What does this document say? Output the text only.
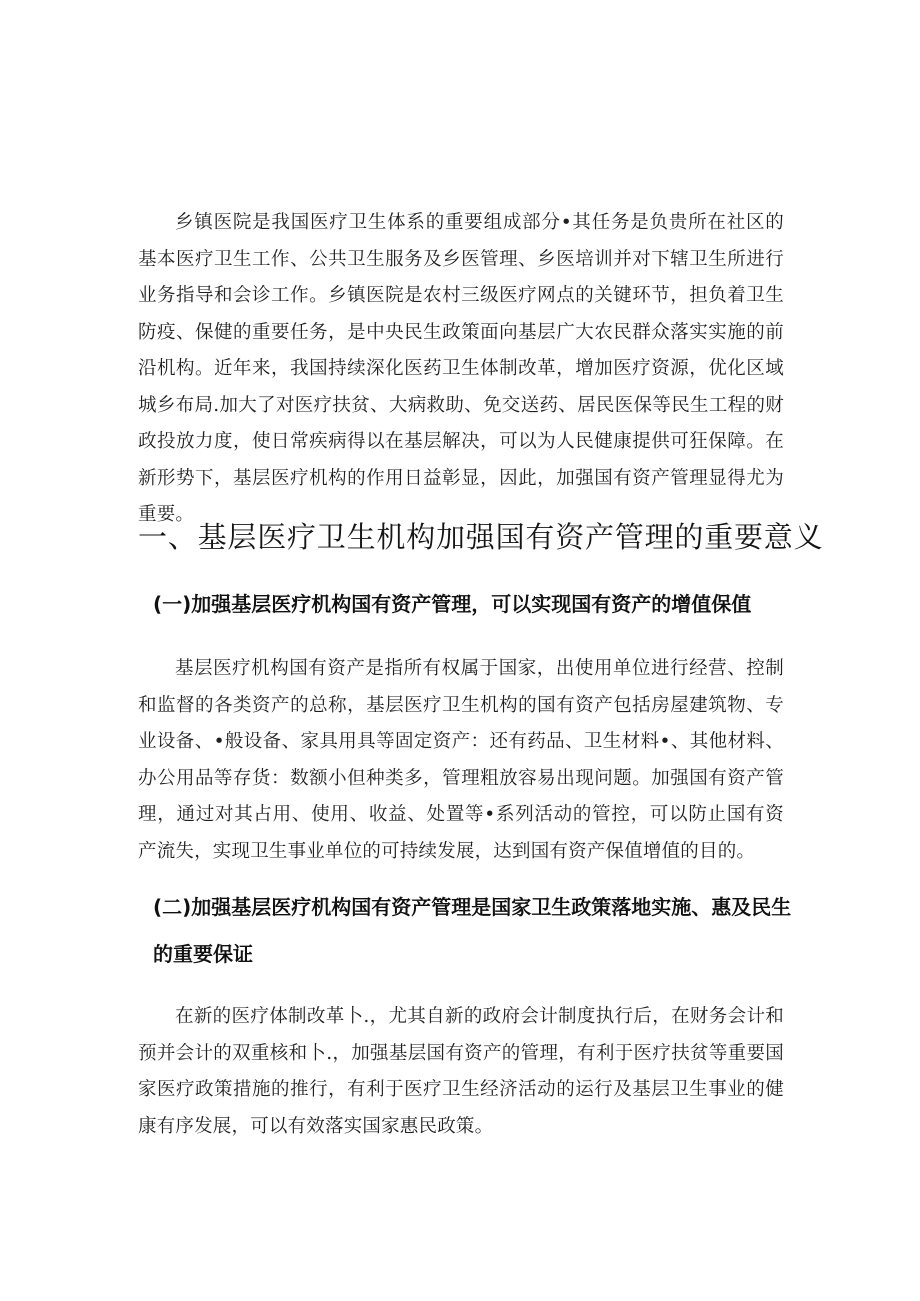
乡镇医院是我国医疗卫生体系的重要组成部分•其任务是负贵所在社区的基本医疗卫生工作、公共卫生服务及乡医管理、乡医培训并对下辖卫生所进行业务指导和会诊工作。乡镇医院是农村三级医疗网点的关键环节，担负着卫生防疫、保健的重要任务，是中央民生政策面向基层广大农民群众落实实施的前沿机构。近年来，我国持续深化医药卫生体制改革，增加医疗资源，优化区域城乡布局.加大了对医疗扶贫、大病救助、免交送药、居民医保等民生工程的财政投放力度，使日常疾病得以在基层解决，可以为人民健康提供可狂保障。在新形势下，基层医疗机构的作用日益彰显，因此，加强国有资产管理显得尤为重要。

一、基层医疗卫生机构加强国有资产管理的重要意义
(一)加强基层医疗机构国有资产管理，可以实现国有资产的增值保值

基层医疗机构国有资产是指所有权属于国家，出使用单位进行经营、控制和监督的各类资产的总称，基层医疗卫生机构的国有资产包括房屋建筑物、专业设备、•般设备、家具用具等固定资产：还有药品、卫生材料•、其他材料、办公用品等存货：数额小但种类多，管理粗放容易出现问题。加强国有资产管理，通过对其占用、使用、收益、处置等•系列活动的管控，可以防止国有资产流失，实现卫生事业单位的可持续发展，达到国有资产保值增值的目的。

(二)加强基层医疗机构国有资产管理是国家卫生政策落地实施、惠及民生的重要保证

在新的医疗体制改革卜.，尤其自新的政府会计制度执行后，在财务会计和预并会计的双重核和卜.，加强基层国有资产的管理，有利于医疗扶贫等重要国家医疗政策措施的推行，有利于医疗卫生经济活动的运行及基层卫生事业的健康有序发展，可以有效落实国家惠民政策。
